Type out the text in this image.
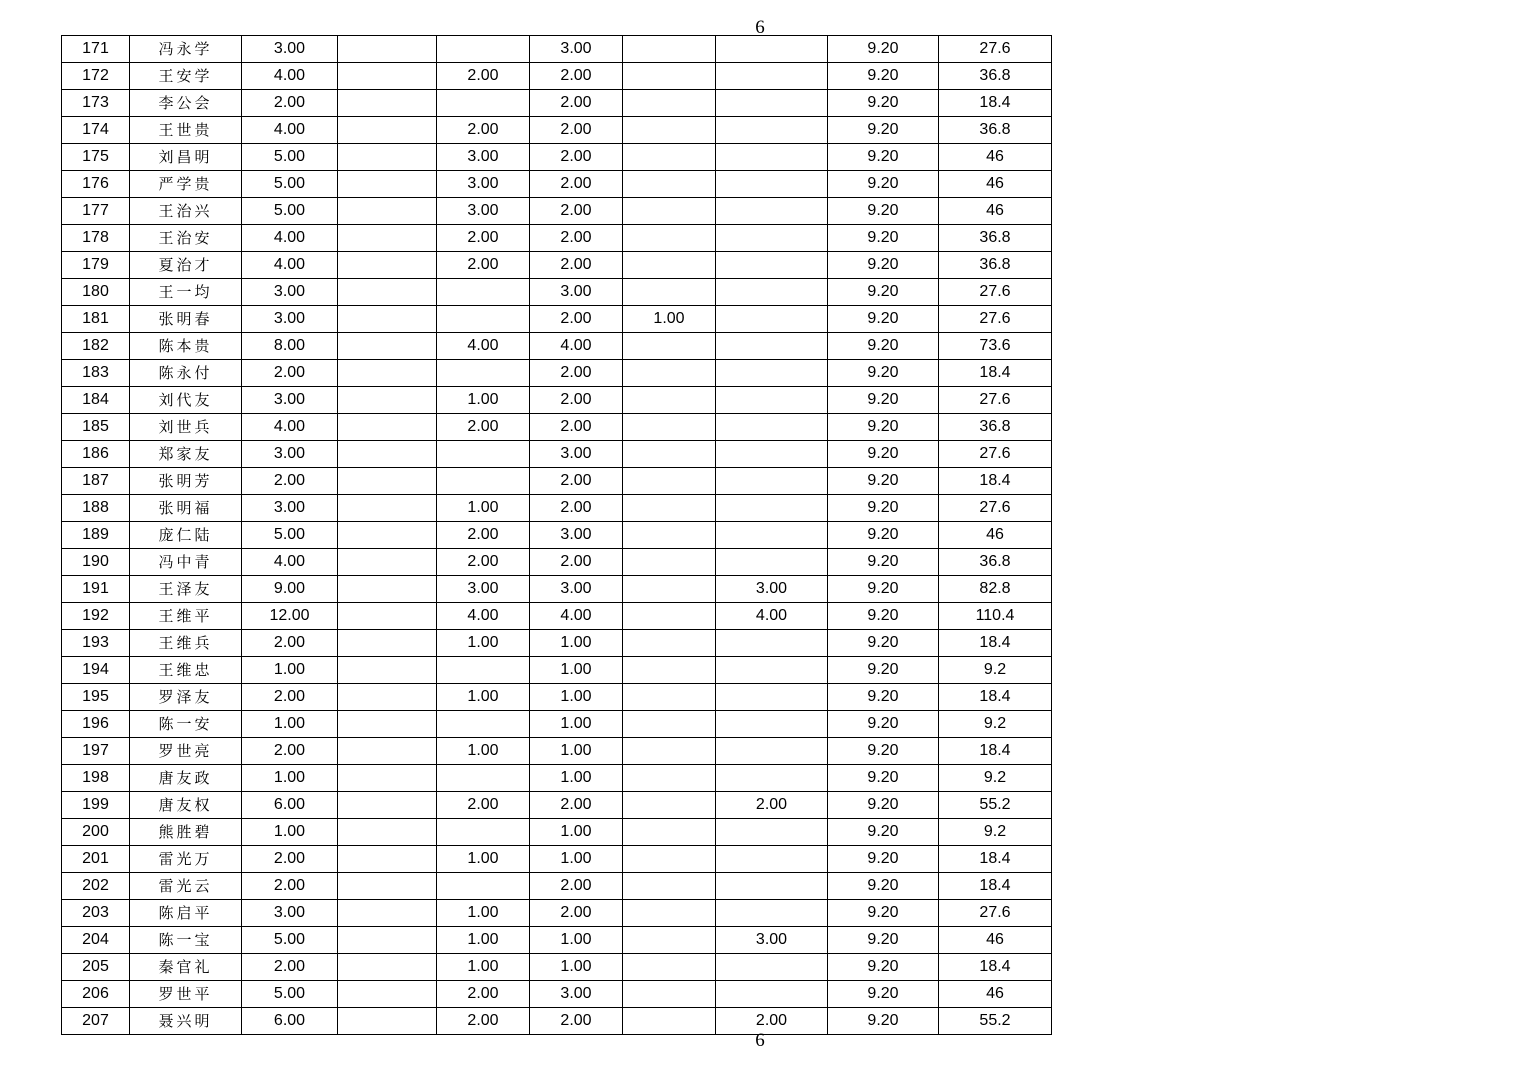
6
171	冯永学	3.00			3.00			9.20	27.6
172	王安学	4.00		2.00	2.00			9.20	36.8
173	李公会	2.00			2.00			9.20	18.4
174	王世贵	4.00		2.00	2.00			9.20	36.8
175	刘昌明	5.00		3.00	2.00			9.20	46
176	严学贵	5.00		3.00	2.00			9.20	46
177	王治兴	5.00		3.00	2.00			9.20	46
178	王治安	4.00		2.00	2.00			9.20	36.8
179	夏治才	4.00		2.00	2.00			9.20	36.8
180	王一均	3.00			3.00			9.20	27.6
181	张明春	3.00			2.00	1.00		9.20	27.6
182	陈本贵	8.00		4.00	4.00			9.20	73.6
183	陈永付	2.00			2.00			9.20	18.4
184	刘代友	3.00		1.00	2.00			9.20	27.6
185	刘世兵	4.00		2.00	2.00			9.20	36.8
186	郑家友	3.00			3.00			9.20	27.6
187	张明芳	2.00			2.00			9.20	18.4
188	张明福	3.00		1.00	2.00			9.20	27.6
189	庞仁陆	5.00		2.00	3.00			9.20	46
190	冯中青	4.00		2.00	2.00			9.20	36.8
191	王泽友	9.00		3.00	3.00		3.00	9.20	82.8
192	王维平	12.00		4.00	4.00		4.00	9.20	110.4
193	王维兵	2.00		1.00	1.00			9.20	18.4
194	王维忠	1.00			1.00			9.20	9.2
195	罗泽友	2.00		1.00	1.00			9.20	18.4
196	陈一安	1.00			1.00			9.20	9.2
197	罗世亮	2.00		1.00	1.00			9.20	18.4
198	唐友政	1.00			1.00			9.20	9.2
199	唐友权	6.00		2.00	2.00		2.00	9.20	55.2
200	熊胜碧	1.00			1.00			9.20	9.2
201	雷光万	2.00		1.00	1.00			9.20	18.4
202	雷光云	2.00			2.00			9.20	18.4
203	陈启平	3.00		1.00	2.00			9.20	27.6
204	陈一宝	5.00		1.00	1.00		3.00	9.20	46
205	秦官礼	2.00		1.00	1.00			9.20	18.4
206	罗世平	5.00		2.00	3.00			9.20	46
207	聂兴明	6.00		2.00	2.00		2.00	9.20	55.2
6
